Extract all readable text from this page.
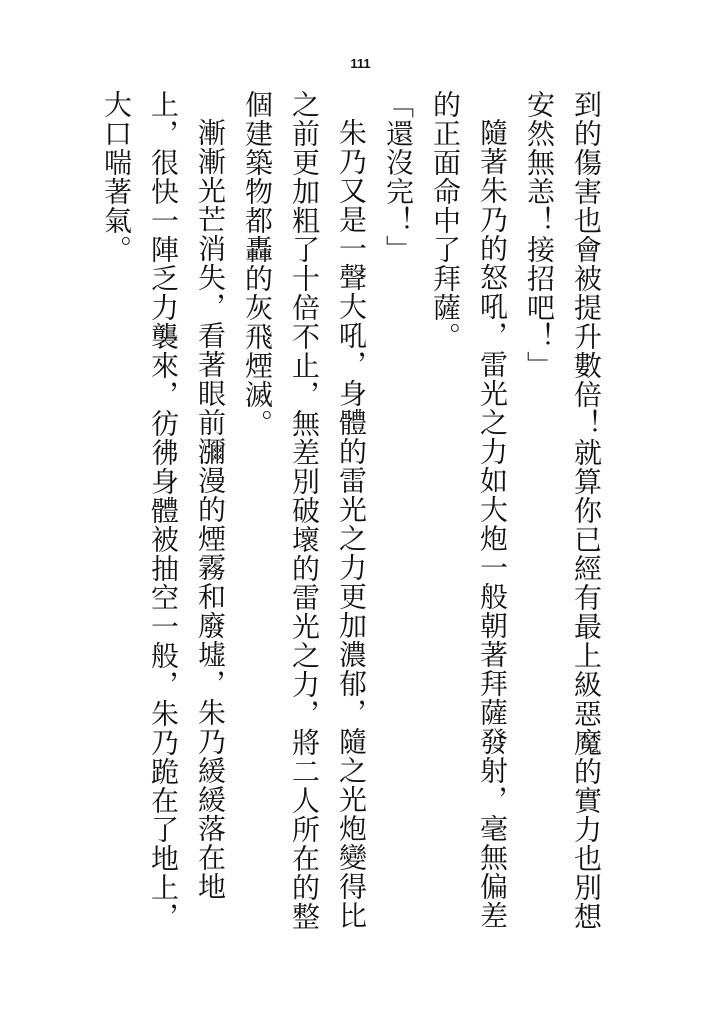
111

到的傷害也會被提升數倍！就算你已經有最上級惡魔的實力也別想安然無恙！接招吧！」

隨著朱乃的怒吼，雷光之力如大炮一般朝著拜薩發射，毫無偏差的正面命中了拜薩。

「還沒完！」

朱乃又是一聲大吼，身體的雷光之力更加濃郁，隨之光炮變得比之前更加粗了十倍不止，無差別破壞的雷光之力，將二人所在的整個建築物都轟的灰飛煙滅。

漸漸光芒消失，看著眼前瀰漫的煙霧和廢墟，朱乃緩緩落在地上，很快一陣乏力襲來，彷彿身體被抽空一般，朱乃跪在了地上，大口喘著氣。
